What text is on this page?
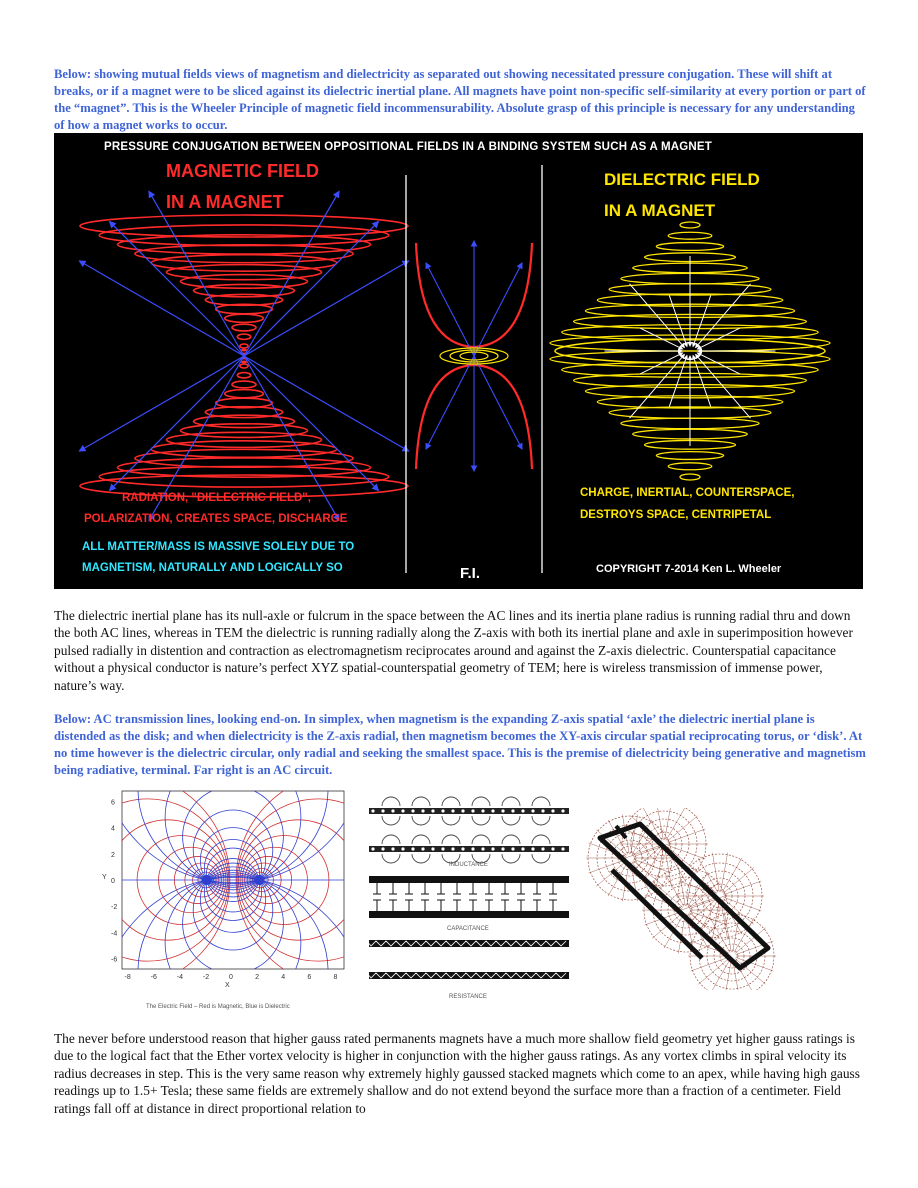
Below: showing mutual fields views of magnetism and dielectricity as separated out showing necessitated pressure conjugation. These will shift at breaks, or if a magnet were to be sliced against its dielectric inertial plane. All magnets have point non-specific self-similarity at every portion or part of the “magnet”. This is the Wheeler Principle of magnetic field incommensurability. Absolute grasp of this principle is necessary for any understanding of how a magnet works to occur.

PRESSURE CONJUGATION BETWEEN OPPOSITIONAL FIELDS IN A BINDING SYSTEM SUCH AS A MAGNET

MAGNETIC FIELD

IN A MAGNET

DIELECTRIC FIELD

IN A MAGNET

RADIATION, "DIELECTRIC FIELD",

POLARIZATION, CREATES SPACE, DISCHARGE

CHARGE, INERTIAL, COUNTERSPACE,

DESTROYS SPACE, CENTRIPETAL

ALL MATTER/MASS IS MASSIVE SOLELY DUE TO

MAGNETISM, NATURALLY AND LOGICALLY SO	F.I.	COPYRIGHT 7-2014 Ken L. Wheeler

The dielectric inertial plane has its null-axle or fulcrum in the space between the AC lines and its inertia plane radius is running radial thru and down the both AC lines, whereas in TEM the dielectric is running radially along the Z-axis with both its inertial plane and axle in superimposition however pulsed radially in distention and contraction as electromagnetism reciprocates around and against the Z-axis dielectric. Counterspatial capacitance without a physical conductor is nature’s perfect XYZ spatial-counterspatial geometry of TEM; here is wireless transmission of immense power, nature’s way.

Below: AC transmission lines, looking end-on. In simplex, when magnetism is the expanding Z-axis spatial ‘axle’ the dielectric inertial plane is distended as the disk; and when dielectricity is the Z-axis radial, then magnetism becomes the XY-axis circular spatial reciprocating torus, or ‘disk’. At no time however is the dielectric circular, only radial and seeking the smallest space. This is the premise of dielectricity being generative and magnetism being radiative, terminal. Far right is an AC circuit.

Y
X
The Electric Field – Red is Magnetic, Blue is Dielectric
-8	-6	-4	-2	0	2	4	6	8
6
4
2
0
-2
-4
-6
INDUCTANCE
CAPACITANCE
RESISTANCE

The never before understood reason that higher gauss rated permanents magnets have a much more shallow field geometry yet higher gauss ratings is due to the logical fact that the Ether vortex velocity is higher in conjunction with the higher gauss ratings. As any vortex climbs in spiral velocity its radius decreases in step. This is the very same reason why extremely highly gaussed stacked magnets which come to an apex, while having high gauss readings up to 1.5+ Tesla; these same fields are extremely shallow and do not extend beyond the surface more than a fraction of a centimeter. Field ratings fall off at distance in direct proportional relation to
